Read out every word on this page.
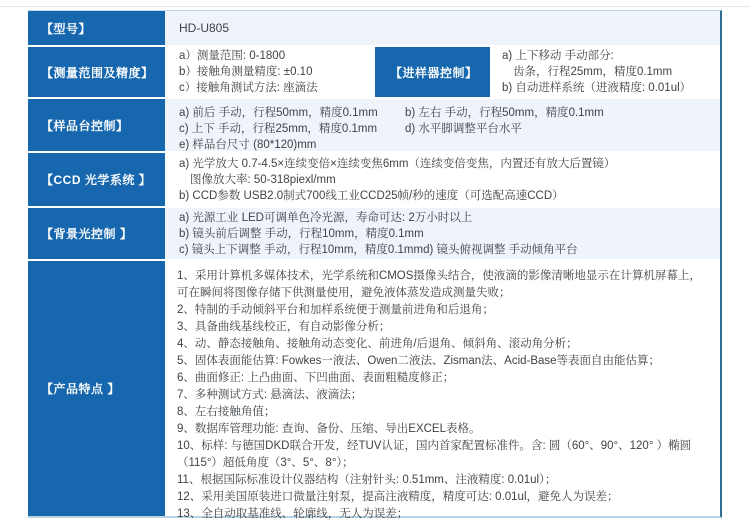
【型号】	HD-U805
【测量范围及精度】
a）测量范围: 0-1800
b）接触角测量精度: ±0.10
c）接触角测试方法: 座滴法
【进样器控制】
a) 上下移动 手动部分:
齿条，行程25mm，精度0.1mm
b) 自动进样系统（进液精度: 0.01ul）
【样品台控制】
a) 前后 手动，行程50mm，精度0.1mm
c) 上下 手动，行程25mm，精度0.1mm
e) 样品台尺寸 (80*120)mm
b) 左右 手动，行程50mm，精度0.1mm
d) 水平脚调整平台水平
【CCD 光学系统 】
a) 光学放大 0.7-4.5×连续变倍×连续变焦6mm（连续变倍变焦，内置还有放大后置镜）
图像放大率: 50-318piexl/mm
b) CCD参数 USB2.0制式700线工业CCD25帧/秒的速度（可选配高速CCD）
【背景光控制 】
a) 光源工业 LED可调单色冷光源，寿命可达: 2万小时以上
b) 镜头前后调整 手动，行程10mm，精度0.1mm
c) 镜头上下调整 手动，行程10mm，精度0.1mmd) 镜头俯视调整 手动倾角平台
【产品特点 】
1、采用计算机多媒体技术，光学系统和CMOS摄像头结合，使液滴的影像清晰地显示在计算机屏幕上，可在瞬间将图像存储下供测量使用，避免液体蒸发造成测量失败；
2、特制的手动倾斜平台和加样系统便于测量前进角和后退角；
3、具备曲线基线校正，有自动影像分析；
4、动、静态接触角、接触角动态变化、前进角/后退角、倾斜角、滚动角分析；
5、固体表面能估算: Fowkes一液法、Owen二液法、Zisman法、Acid-Base等表面自由能估算；
6、曲面修正: 上凸曲面、下凹曲面、表面粗糙度修正；
7、多种测试方式: 悬滴法、液滴法；
8、左右接触角值；
9、数据库管理功能: 查询、备份、压缩、导出EXCEL表格。
10、标样: 与德国DKD联合开发，经TUV认证，国内首家配置标准件。含: 圆（60°、90°、120° ）椭圆（115°）超低角度（3°、5°、8°）；
11、根据国际标准设计仪器结构（注射针头: 0.51mm、注液精度: 0.01ul）；
12、采用美国原装进口微量注射泵，提高注液精度，精度可达: 0.01ul，避免人为误差；
13、全自动取基准线、轮廓线，无人为误差；
